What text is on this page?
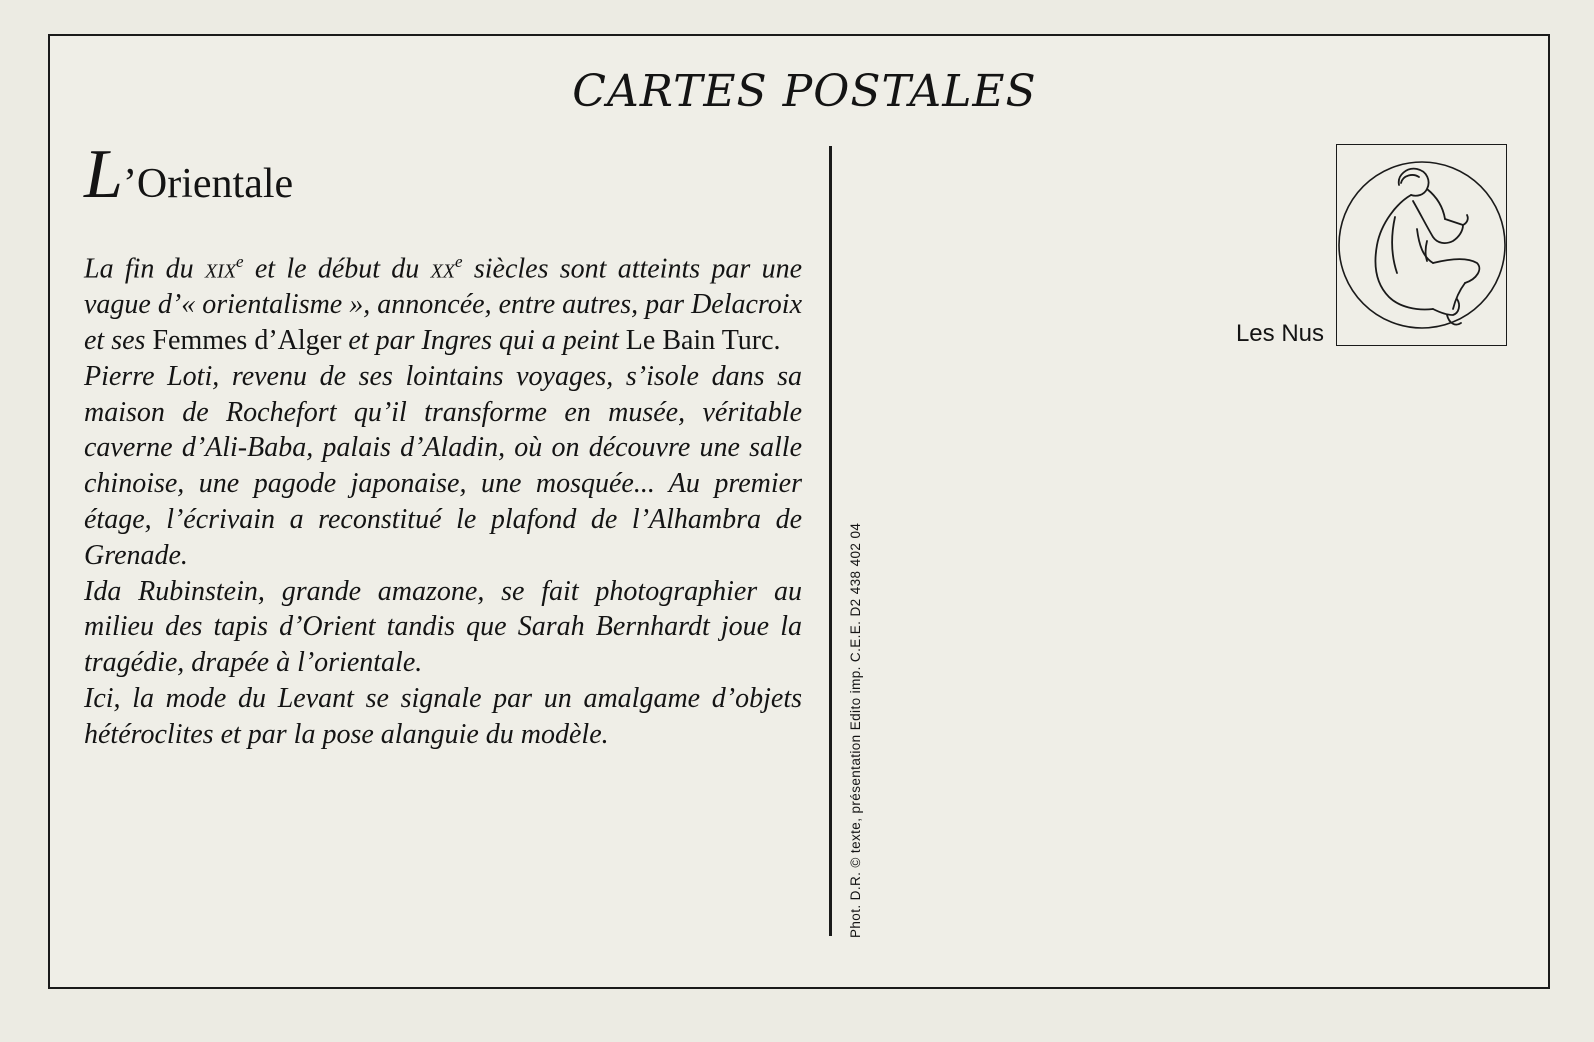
CARTES POSTALES
L’Orientale

La fin du xix$^e$ et le début du $xx^e$ siècles sont atteints par une vague d’« orientalisme », annoncée, entre autres, par Delacroix et ses Femmes d’Alger et par Ingres qui a peint Le Bain Turc.

Pierre Loti, revenu de ses lointains voyages, s’isole dans sa maison de Rochefort qu’il transforme en musée, véritable caverne d’Ali-Baba, palais d’Aladin, où on découvre une salle chinoise, une pagode japonaise, une mosquée... Au premier étage, l’écrivain a reconstitué le plafond de l’Alhambra de Grenade.

Ida Rubinstein, grande amazone, se fait photographier au milieu des tapis d’Orient tandis que Sarah Bernhardt joue la tragédie, drapée à l’orientale.

Ici, la mode du Levant se signale par un amalgame d’objets hétéroclites et par la pose alanguie du modèle.	Phot. D.R. © texte, présentation Edito imp. C.E.E. D2 438 402 04
Les Nus
